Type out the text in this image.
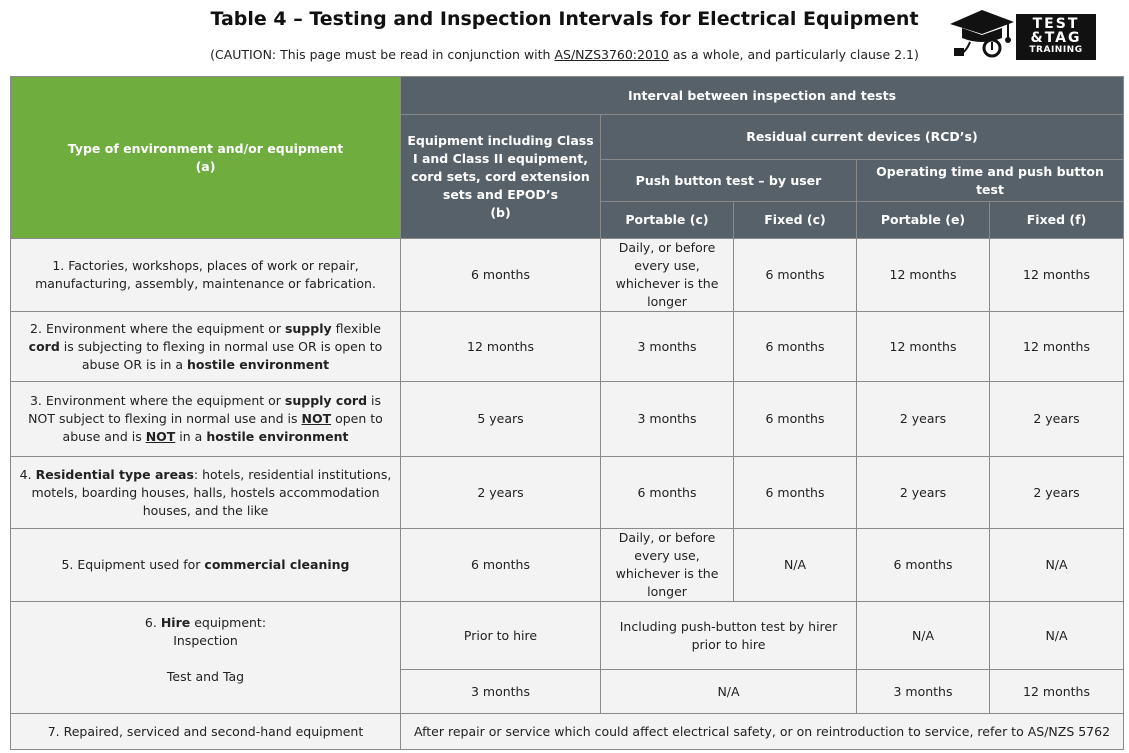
Table 4 – Testing and Inspection Intervals for Electrical Equipment
(CAUTION: This page must be read in conjunction with AS/NZS3760:2010 as a whole, and particularly clause 2.1)
TEST
&TAG
TRAINING
Type of environment and/or equipment
(a)	Interval between inspection and tests				

	Equipment including Class I and Class II equipment, cord sets, cord extension sets and EPOD’s
(b)	Residual current devices (RCD’s)			
		Push button test – by user		Operating time and push button test	
		Portable (c)	Fixed (c)	Portable (e)	Fixed (f)
1. Factories, workshops, places of work or repair, manufacturing, assembly, maintenance or fabrication.	6 months	Daily, or before every use, whichever is the longer	6 months	12 months	12 months
2. Environment where the equipment or supply flexible cord is subjecting to flexing in normal use OR is open to abuse OR is in a hostile environment	12 months	3 months	6 months	12 months	12 months
3. Environment where the equipment or supply cord is NOT subject to flexing in normal use and is NOT open to abuse and is NOT in a hostile environment	5 years	3 months	6 months	2 years	2 years
4. Residential type areas: hotels, residential institutions, motels, boarding houses, halls, hostels accommodation houses, and the like	2 years	6 months	6 months	2 years	2 years
5. Equipment used for commercial cleaning	6 months	Daily, or before every use, whichever is the longer	N/A	6 months	N/A

6. Hire equipment:
Inspection
Test and Tag	Prior to hire	Including push-button test by hirer prior to hire		N/A	N/A
	3 months	N/A		3 months	12 months
7. Repaired, serviced and second-hand equipment	After repair or service which could affect electrical safety, or on reintroduction to service, refer to AS/NZS 5762				
